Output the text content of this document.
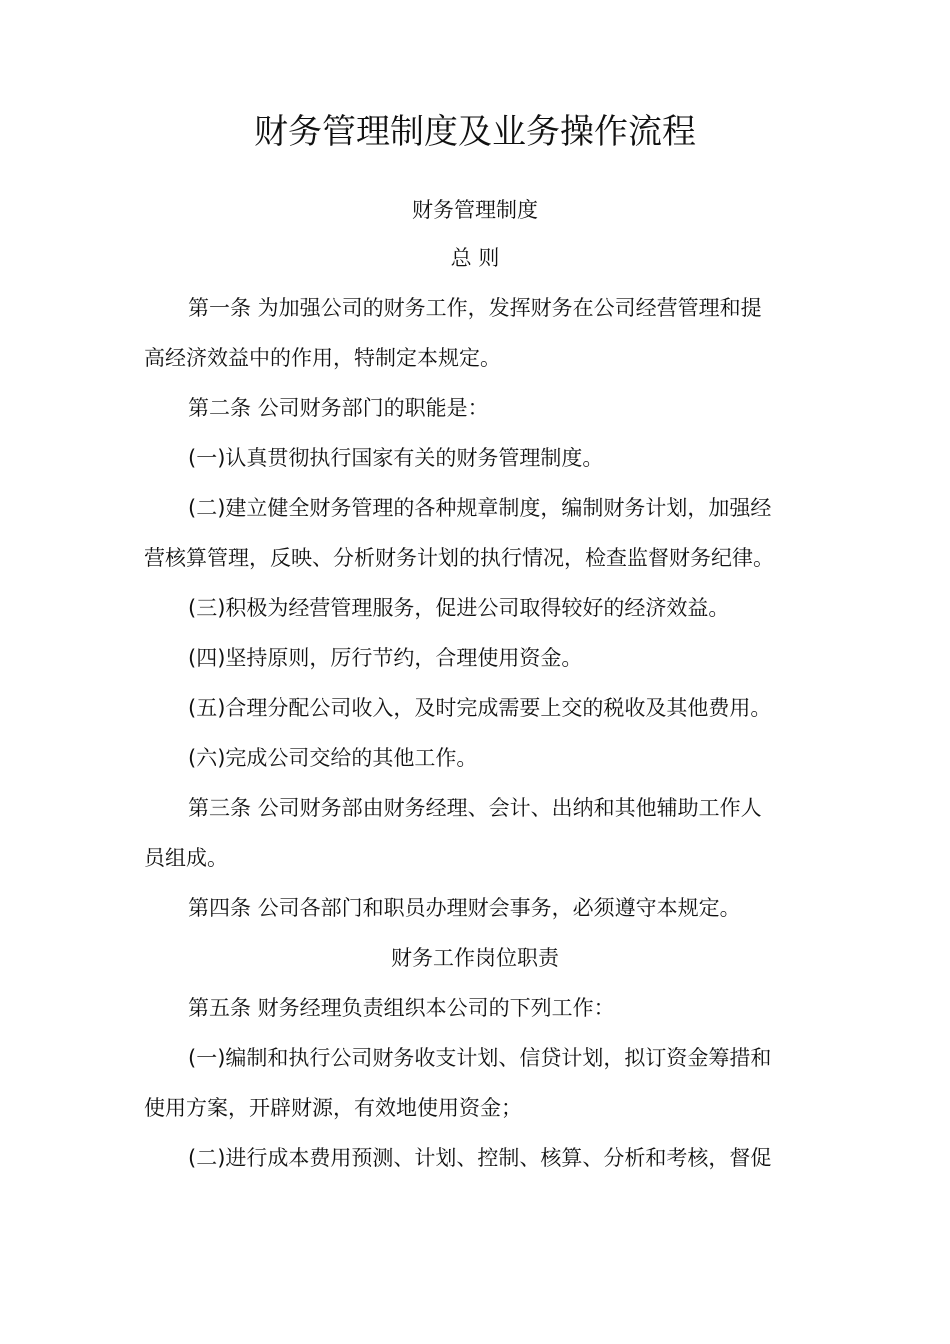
财务管理制度及业务操作流程
财务管理制度
总 则
第一条 为加强公司的财务工作，发挥财务在公司经营管理和提
高经济效益中的作用，特制定本规定。
第二条 公司财务部门的职能是：
(一)认真贯彻执行国家有关的财务管理制度。
(二)建立健全财务管理的各种规章制度，编制财务计划，加强经
营核算管理，反映、分析财务计划的执行情况，检查监督财务纪律。
(三)积极为经营管理服务，促进公司取得较好的经济效益。
(四)坚持原则，厉行节约，合理使用资金。
(五)合理分配公司收入，及时完成需要上交的税收及其他费用。
(六)完成公司交给的其他工作。
第三条 公司财务部由财务经理、会计、出纳和其他辅助工作人
员组成。
第四条 公司各部门和职员办理财会事务，必须遵守本规定。
财务工作岗位职责
第五条 财务经理负责组织本公司的下列工作：
(一)编制和执行公司财务收支计划、信贷计划，拟订资金筹措和
使用方案，开辟财源，有效地使用资金；
(二)进行成本费用预测、计划、控制、核算、分析和考核，督促
